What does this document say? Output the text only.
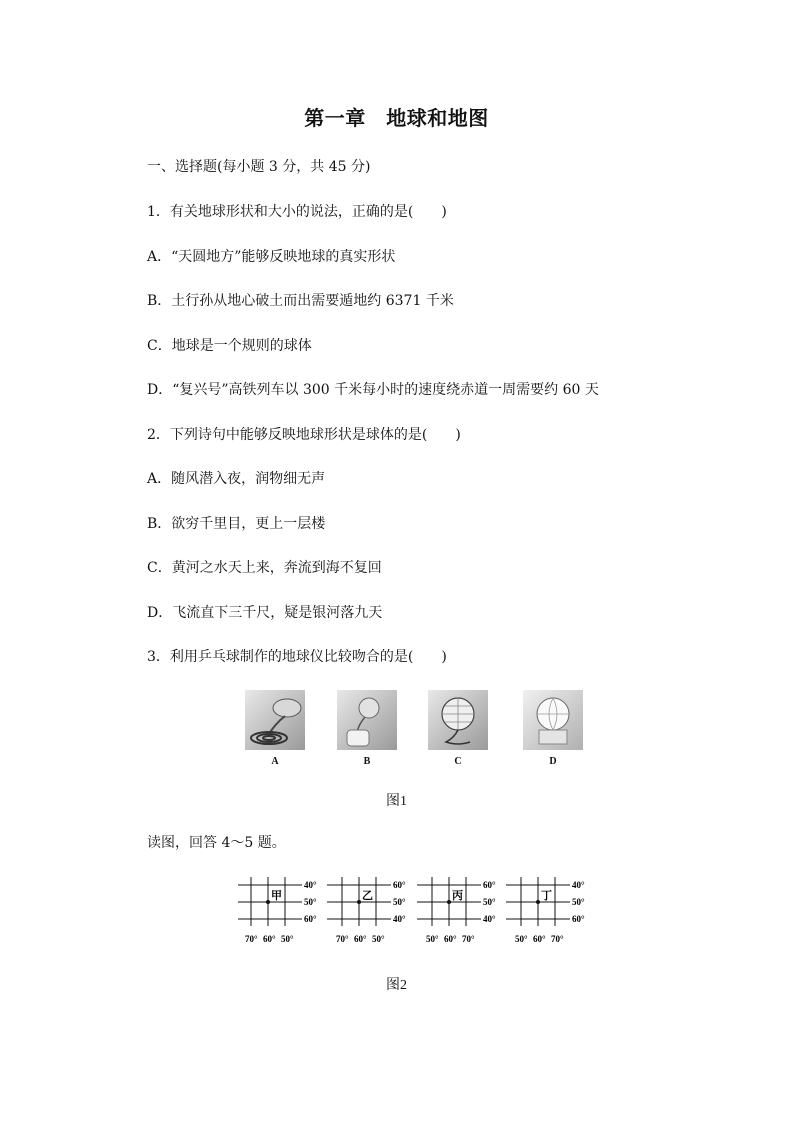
第一章　地球和地图
一、选择题(每小题 3 分，共 45 分)
1．有关地球形状和大小的说法，正确的是(　　)
A．“天圆地方”能够反映地球的真实形状
B．土行孙从地心破土而出需要遁地约 6371 千米
C．地球是一个规则的球体
D．“复兴号”高铁列车以 300 千米每小时的速度绕赤道一周需要约 60 天
2．下列诗句中能够反映地球形状是球体的是(　　)
A．随风潜入夜，润物细无声
B．欲穷千里目，更上一层楼
C．黄河之水天上来，奔流到海不复回
D．飞流直下三千尺，疑是银河落九天
3．利用乒乓球制作的地球仪比较吻合的是(　　)
A	B	C	D
图1
读图，回答 4～5 题。
甲
40°
50°
60°
70° 60° 50°
乙
60°
50°
40°
70° 60° 50°
丙
60°
50°
40°
50° 60° 70°
丁
40°
50°
60°
50° 60° 70°
图2
